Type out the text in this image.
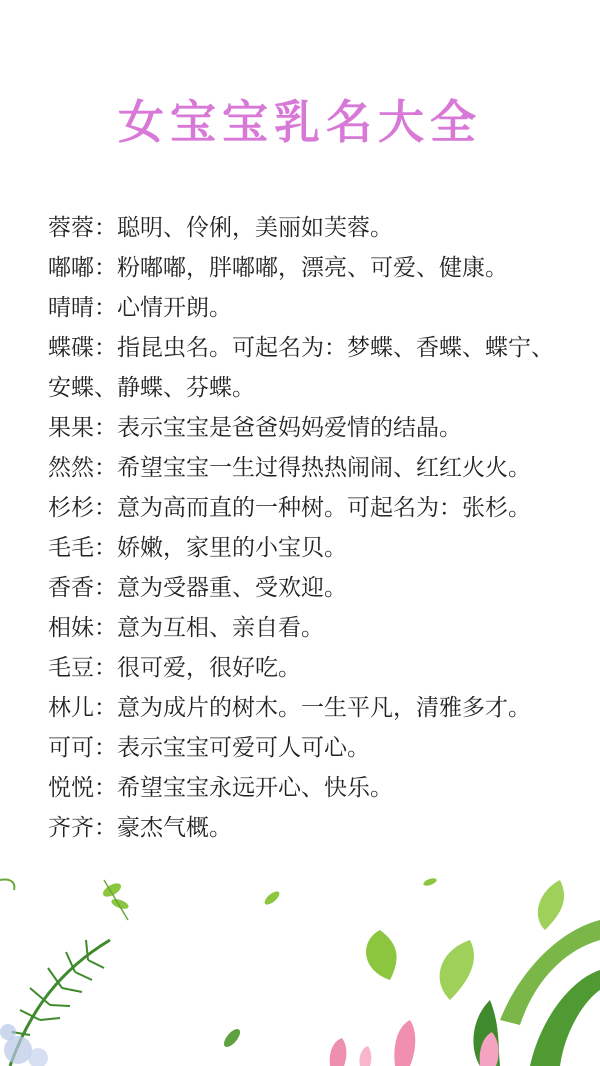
女宝宝乳名大全
蓉蓉：聪明、伶俐，美丽如芙蓉。
嘟嘟：粉嘟嘟，胖嘟嘟，漂亮、可爱、健康。
晴晴：心情开朗。
蝶碟：指昆虫名。可起名为：梦蝶、香蝶、蝶宁、
安蝶、静蝶、芬蝶。
果果：表示宝宝是爸爸妈妈爱情的结晶。
然然：希望宝宝一生过得热热闹闹、红红火火。
杉杉：意为高而直的一种树。可起名为：张杉。
毛毛：娇嫩，家里的小宝贝。
香香：意为受器重、受欢迎。
相妹：意为互相、亲自看。
毛豆：很可爱，很好吃。
林儿：意为成片的树木。一生平凡，清雅多才。
可可：表示宝宝可爱可人可心。
悦悦：希望宝宝永远开心、快乐。
齐齐：豪杰气概。
